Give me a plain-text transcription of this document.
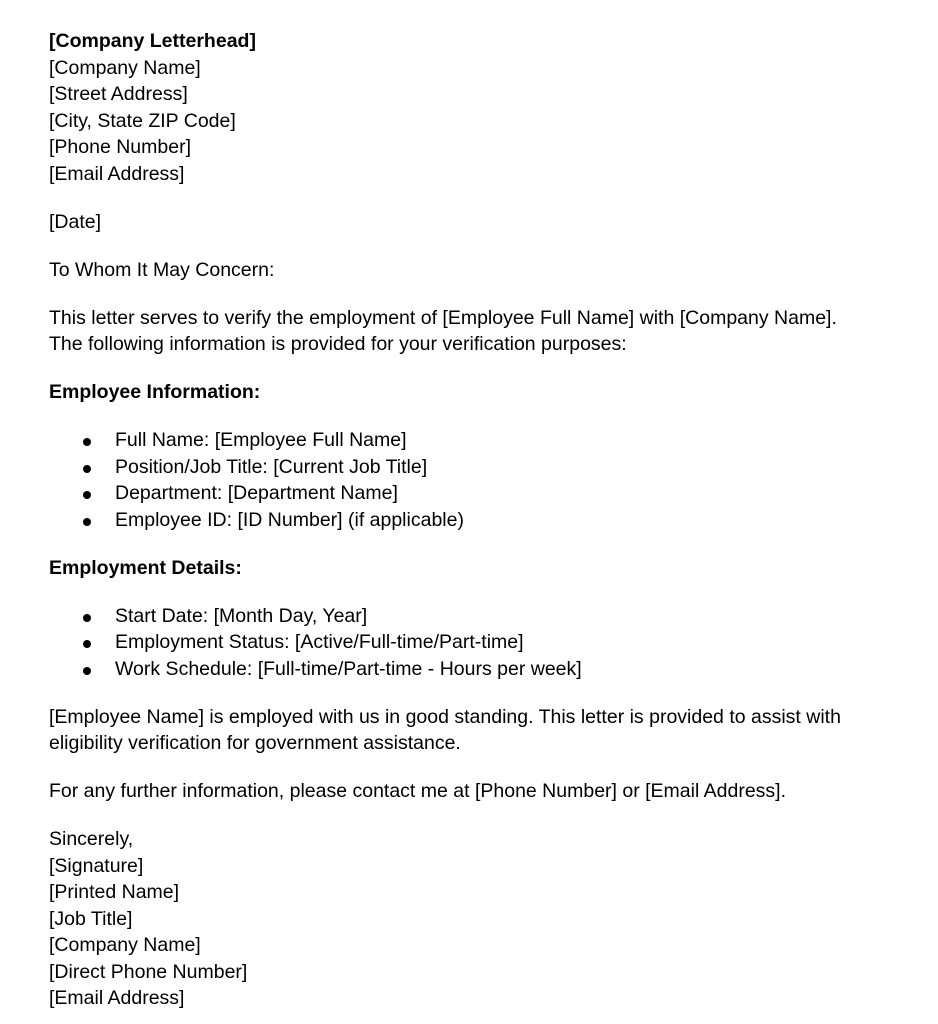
[Company Letterhead]
[Company Name]
[Street Address]
[City, State ZIP Code]
[Phone Number]
[Email Address]
[Date]
To Whom It May Concern:
This letter serves to verify the employment of [Employee Full Name] with [Company Name].
The following information is provided for your verification purposes:
Employee Information:
Full Name: [Employee Full Name]
Position/Job Title: [Current Job Title]
Department: [Department Name]
Employee ID: [ID Number] (if applicable)
Employment Details:
Start Date: [Month Day, Year]
Employment Status: [Active/Full-time/Part-time]
Work Schedule: [Full-time/Part-time - Hours per week]
[Employee Name] is employed with us in good standing. This letter is provided to assist with
eligibility verification for government assistance.
For any further information, please contact me at [Phone Number] or [Email Address].
Sincerely,
[Signature]
[Printed Name]
[Job Title]
[Company Name]
[Direct Phone Number]
[Email Address]
